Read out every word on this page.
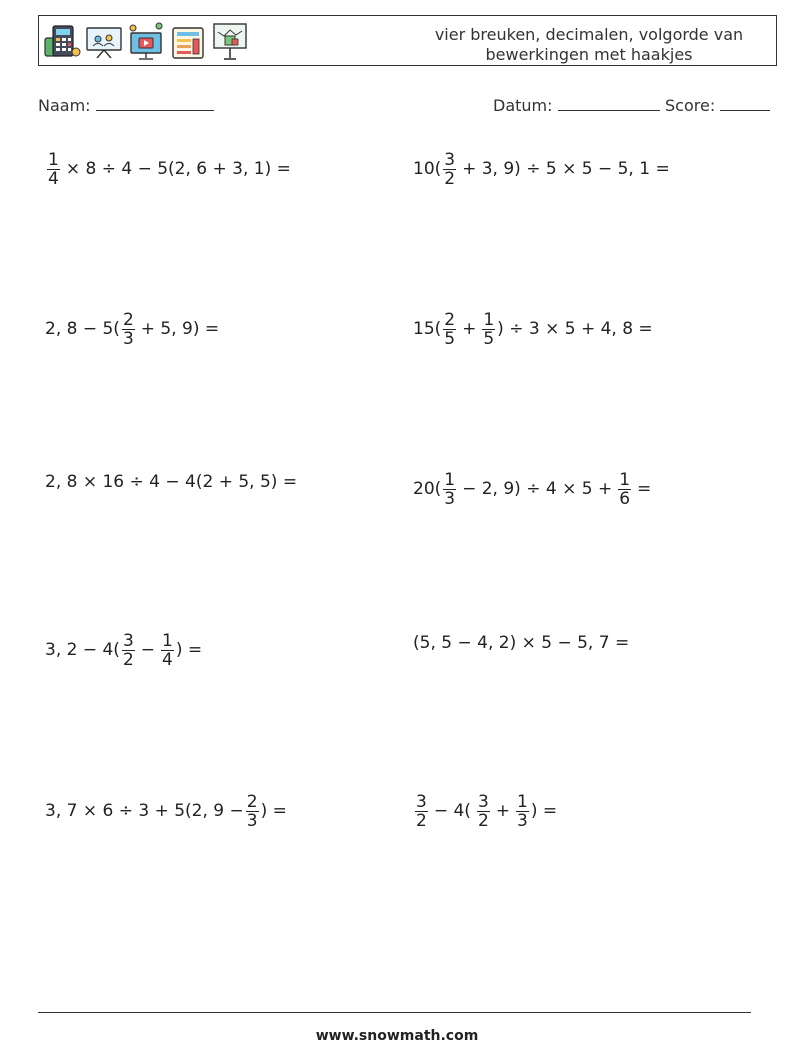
vier breuken, decimalen, volgorde van
bewerkingen met haakjes
Naam:	Datum:	Score:
$\frac{1}{4} \times 8 \div 4 - 5(2$, 6 + 3, 1) =	$10( \frac{3}{2} + 3$, 9) ÷ 5 × 5 − 5, 1 =
2, $8 - 5( \frac{2}{3} + 5$, 9) =	$15( \frac{2}{5} + \frac{1}{5}$ ) ÷ 3 × 5 + 4, 8 =
2, 8 × 16 ÷ 4 − 4(2 + 5, 5) =	$20( \frac{1}{3} - 2$, $9) \div 4 \times 5 + \frac{1}{6}$ =
3, $2 - 4( \frac{3}{2} - \frac{1}{4}$ ) =	(5, 5 − 4, 2) × 5 − 5, 7 =
3, 7 × 6 ÷ 3 + 5(2, $9 - \frac{2}{3}$ ) =	$\frac{3}{2} - 4( \frac{3}{2} + \frac{1}{3}$ ) =
www.snowmath.com
